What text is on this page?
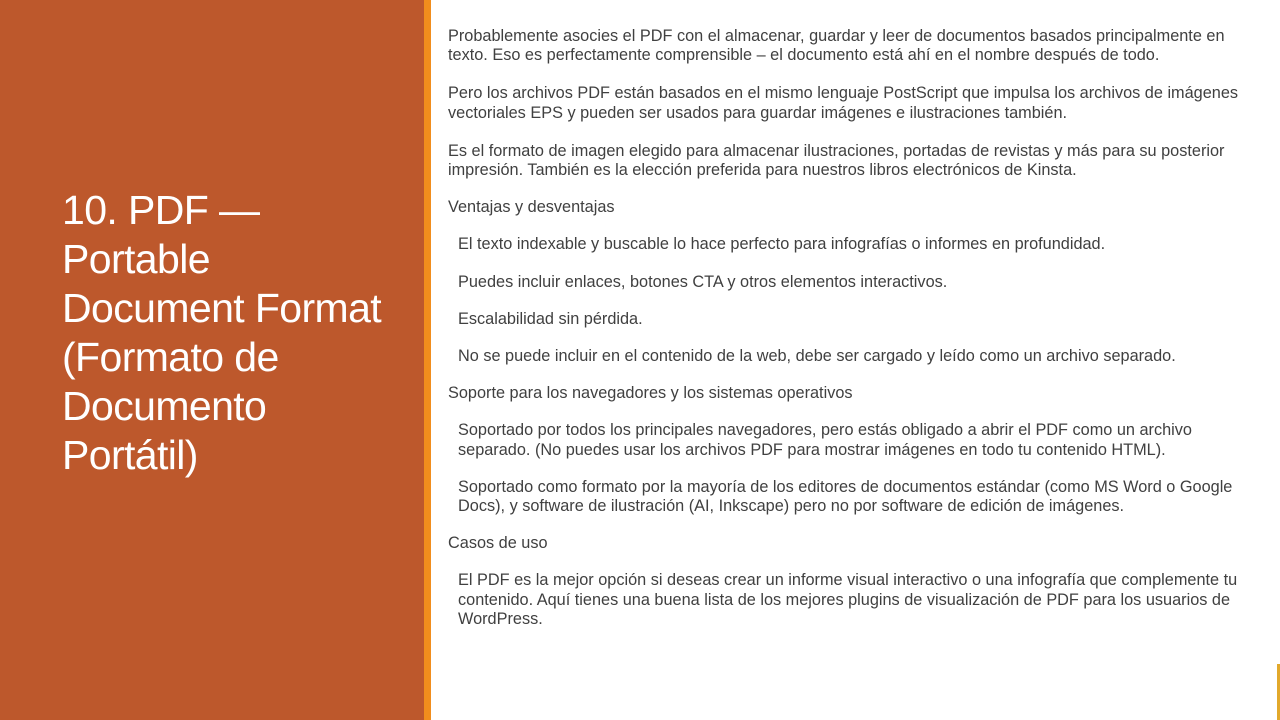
10. PDF — Portable Document Format (Formato de Documento Portátil)

Probablemente asocies el PDF con el almacenar, guardar y leer de documentos basados principalmente en texto. Eso es perfectamente comprensible – el documento está ahí en el nombre después de todo.

Pero los archivos PDF están basados en el mismo lenguaje PostScript que impulsa los archivos de imágenes vectoriales EPS y pueden ser usados para guardar imágenes e ilustraciones también.

Es el formato de imagen elegido para almacenar ilustraciones, portadas de revistas y más para su posterior impresión. También es la elección preferida para nuestros libros electrónicos de Kinsta.

Ventajas y desventajas

El texto indexable y buscable lo hace perfecto para infografías o informes en profundidad.

Puedes incluir enlaces, botones CTA y otros elementos interactivos.

Escalabilidad sin pérdida.

No se puede incluir en el contenido de la web, debe ser cargado y leído como un archivo separado.

Soporte para los navegadores y los sistemas operativos

Soportado por todos los principales navegadores, pero estás obligado a abrir el PDF como un archivo separado. (No puedes usar los archivos PDF para mostrar imágenes en todo tu contenido HTML).

Soportado como formato por la mayoría de los editores de documentos estándar (como MS Word o Google Docs), y software de ilustración (AI, Inkscape) pero no por software de edición de imágenes.

Casos de uso

El PDF es la mejor opción si deseas crear un informe visual interactivo o una infografía que complemente tu contenido. Aquí tienes una buena lista de los mejores plugins de visualización de PDF para los usuarios de WordPress.
